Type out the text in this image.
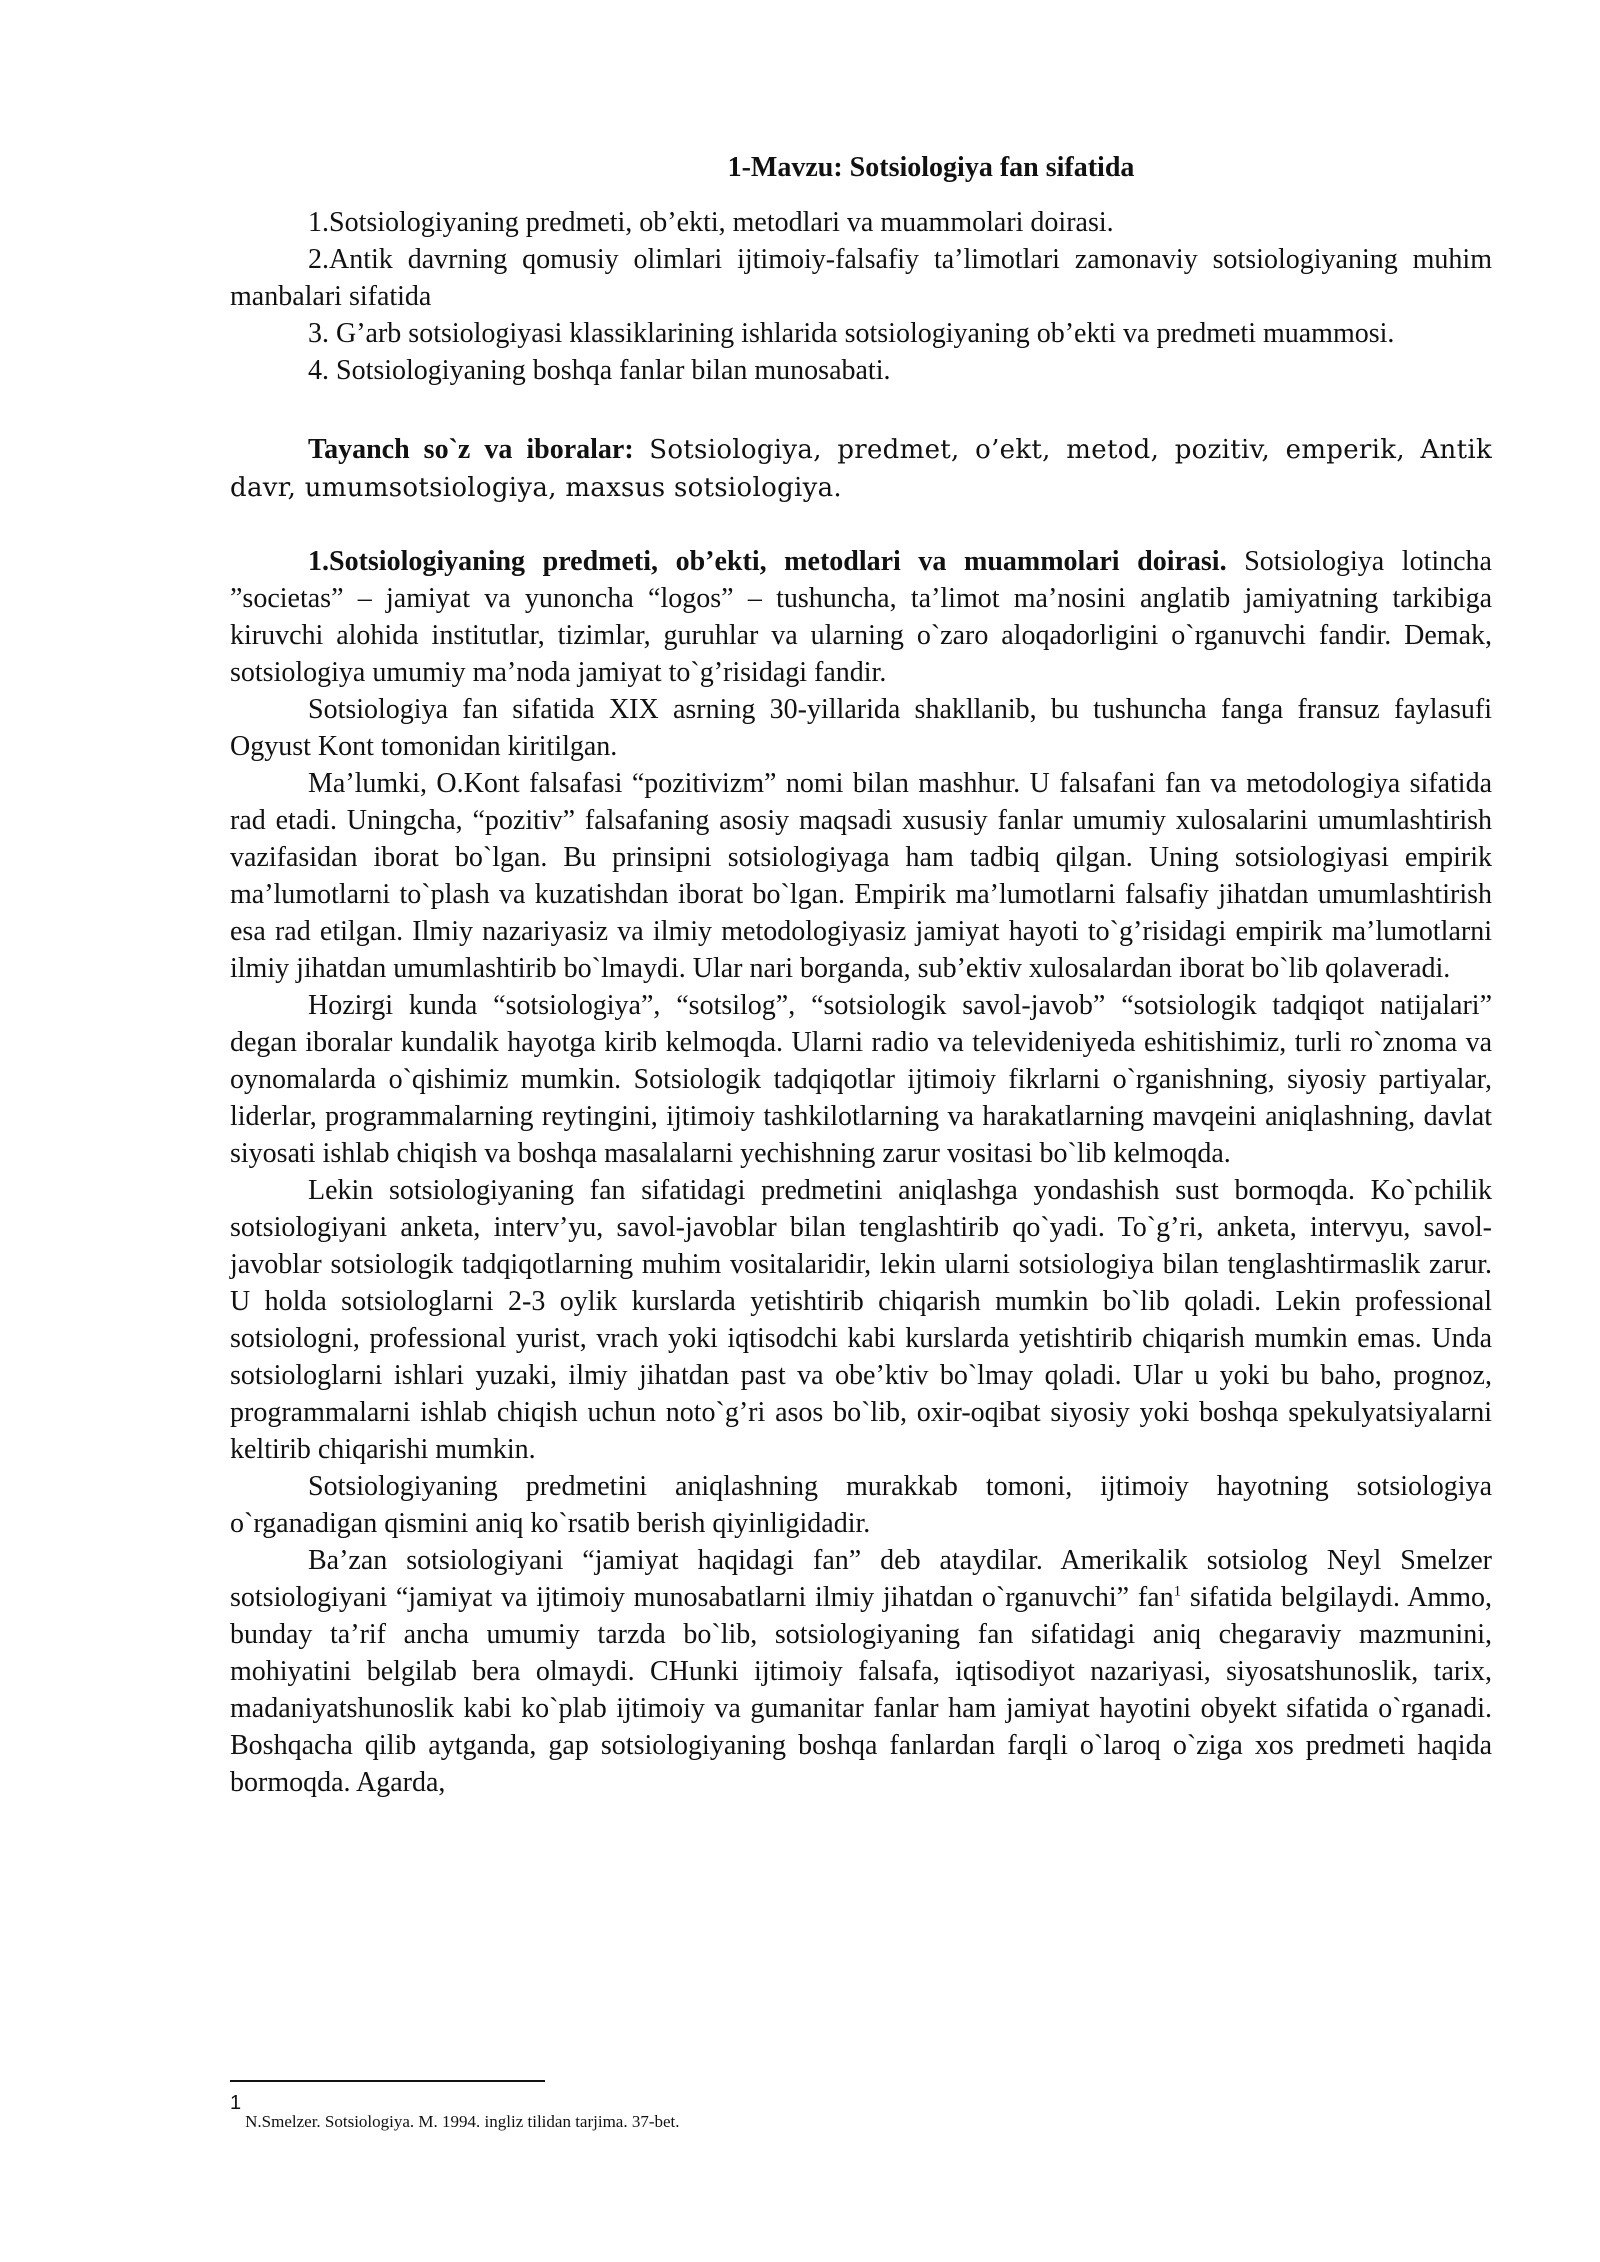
1-Mavzu: Sotsiologiya fan sifatida

1.Sotsiologiyaning predmeti, ob’ekti, metodlari va muammolari doirasi.

2.Antik davrning qomusiy olimlari ijtimoiy-falsafiy ta’limotlari zamonaviy sotsiologiyaning muhim manbalari sifatida

3. G’arb sotsiologiyasi klassiklarining ishlarida sotsiologiyaning ob’ekti va predmeti muammosi.

4. Sotsiologiyaning boshqa fanlar bilan munosabati.

Tayanch so`z va iboralar: Sotsiologiya, predmet, o’ekt, metod, pozitiv, emperik, Antik davr, umumsotsiologiya, maxsus sotsiologiya.

1.Sotsiologiyaning predmeti, ob’ekti, metodlari va muammolari doirasi. Sotsiologiya lotincha ”societas” – jamiyat va yunoncha “logos” – tushuncha, ta’limot ma’nosini anglatib jamiyatning tarkibiga kiruvchi alohida institutlar, tizimlar, guruhlar va ularning o`zaro aloqadorligini o`rganuvchi fandir. Demak, sotsiologiya umumiy ma’noda jamiyat to`g’risidagi fandir.

Sotsiologiya fan sifatida XIX asrning 30-yillarida shakllanib, bu tushuncha fanga fransuz faylasufi Ogyust Kont tomonidan kiritilgan.

Ma’lumki, O.Kont falsafasi “pozitivizm” nomi bilan mashhur. U falsafani fan va metodologiya sifatida rad etadi. Uningcha, “pozitiv” falsafaning asosiy maqsadi xususiy fanlar umumiy xulosalarini umumlashtirish vazifasidan iborat bo`lgan. Bu prinsipni sotsiologiyaga ham tadbiq qilgan. Uning sotsiologiyasi empirik ma’lumotlarni to`plash va kuzatishdan iborat bo`lgan. Empirik ma’lumotlarni falsafiy jihatdan umumlashtirish esa rad etilgan. Ilmiy nazariyasiz va ilmiy metodologiyasiz jamiyat hayoti to`g’risidagi empirik ma’lumotlarni ilmiy jihatdan umumlashtirib bo`lmaydi. Ular nari borganda, sub’ektiv xulosalardan iborat bo`lib qolaveradi.

Hozirgi kunda “sotsiologiya”, “sotsilog”, “sotsiologik savol-javob” “sotsiologik tadqiqot natijalari” degan iboralar kundalik hayotga kirib kelmoqda. Ularni radio va televideniyeda eshitishimiz, turli ro`znoma va oynomalarda o`qishimiz mumkin. Sotsiologik tadqiqotlar ijtimoiy fikrlarni o`rganishning, siyosiy partiyalar, liderlar, programmalarning reytingini, ijtimoiy tashkilotlarning va harakatlarning mavqeini aniqlashning, davlat siyosati ishlab chiqish va boshqa masalalarni yechishning zarur vositasi bo`lib kelmoqda.

Lekin sotsiologiyaning fan sifatidagi predmetini aniqlashga yondashish sust bormoqda. Ko`pchilik sotsiologiyani anketa, interv’yu, savol-javoblar bilan tenglashtirib qo`yadi. To`g’ri, anketa, intervyu, savol-javoblar sotsiologik tadqiqotlarning muhim vositalaridir, lekin ularni sotsiologiya bilan tenglashtirmaslik zarur. U holda sotsiologlarni 2-3 oylik kurslarda yetishtirib chiqarish mumkin bo`lib qoladi. Lekin professional sotsiologni, professional yurist, vrach yoki iqtisodchi kabi kurslarda yetishtirib chiqarish mumkin emas. Unda sotsiologlarni ishlari yuzaki, ilmiy jihatdan past va obe’ktiv bo`lmay qoladi. Ular u yoki bu baho, prognoz, programmalarni ishlab chiqish uchun noto`g’ri asos bo`lib, oxir-oqibat siyosiy yoki boshqa spekulyatsiyalarni keltirib chiqarishi mumkin.

Sotsiologiyaning predmetini aniqlashning murakkab tomoni, ijtimoiy hayotning sotsiologiya o`rganadigan qismini aniq ko`rsatib berish qiyinligidadir.

Ba’zan sotsiologiyani “jamiyat haqidagi fan” deb ataydilar. Amerikalik sotsiolog Neyl Smelzer sotsiologiyani “jamiyat va ijtimoiy munosabatlarni ilmiy jihatdan o`rganuvchi” fan$^1$ sifatida belgilaydi. Ammo, bunday ta’rif ancha umumiy tarzda bo`lib, sotsiologiyaning fan sifatidagi aniq chegaraviy mazmunini, mohiyatini belgilab bera olmaydi. CHunki ijtimoiy falsafa, iqtisodiyot nazariyasi, siyosatshunoslik, tarix, madaniyatshunoslik kabi ko`plab ijtimoiy va gumanitar fanlar ham jamiyat hayotini obyekt sifatida o`rganadi. Boshqacha qilib aytganda, gap sotsiologiyaning boshqa fanlardan farqli o`laroq o`ziga xos predmeti haqida bormoqda. Agarda,

1N.Smelzer. Sotsiologiya. M. 1994. ingliz tilidan tarjima. 37-bet.
